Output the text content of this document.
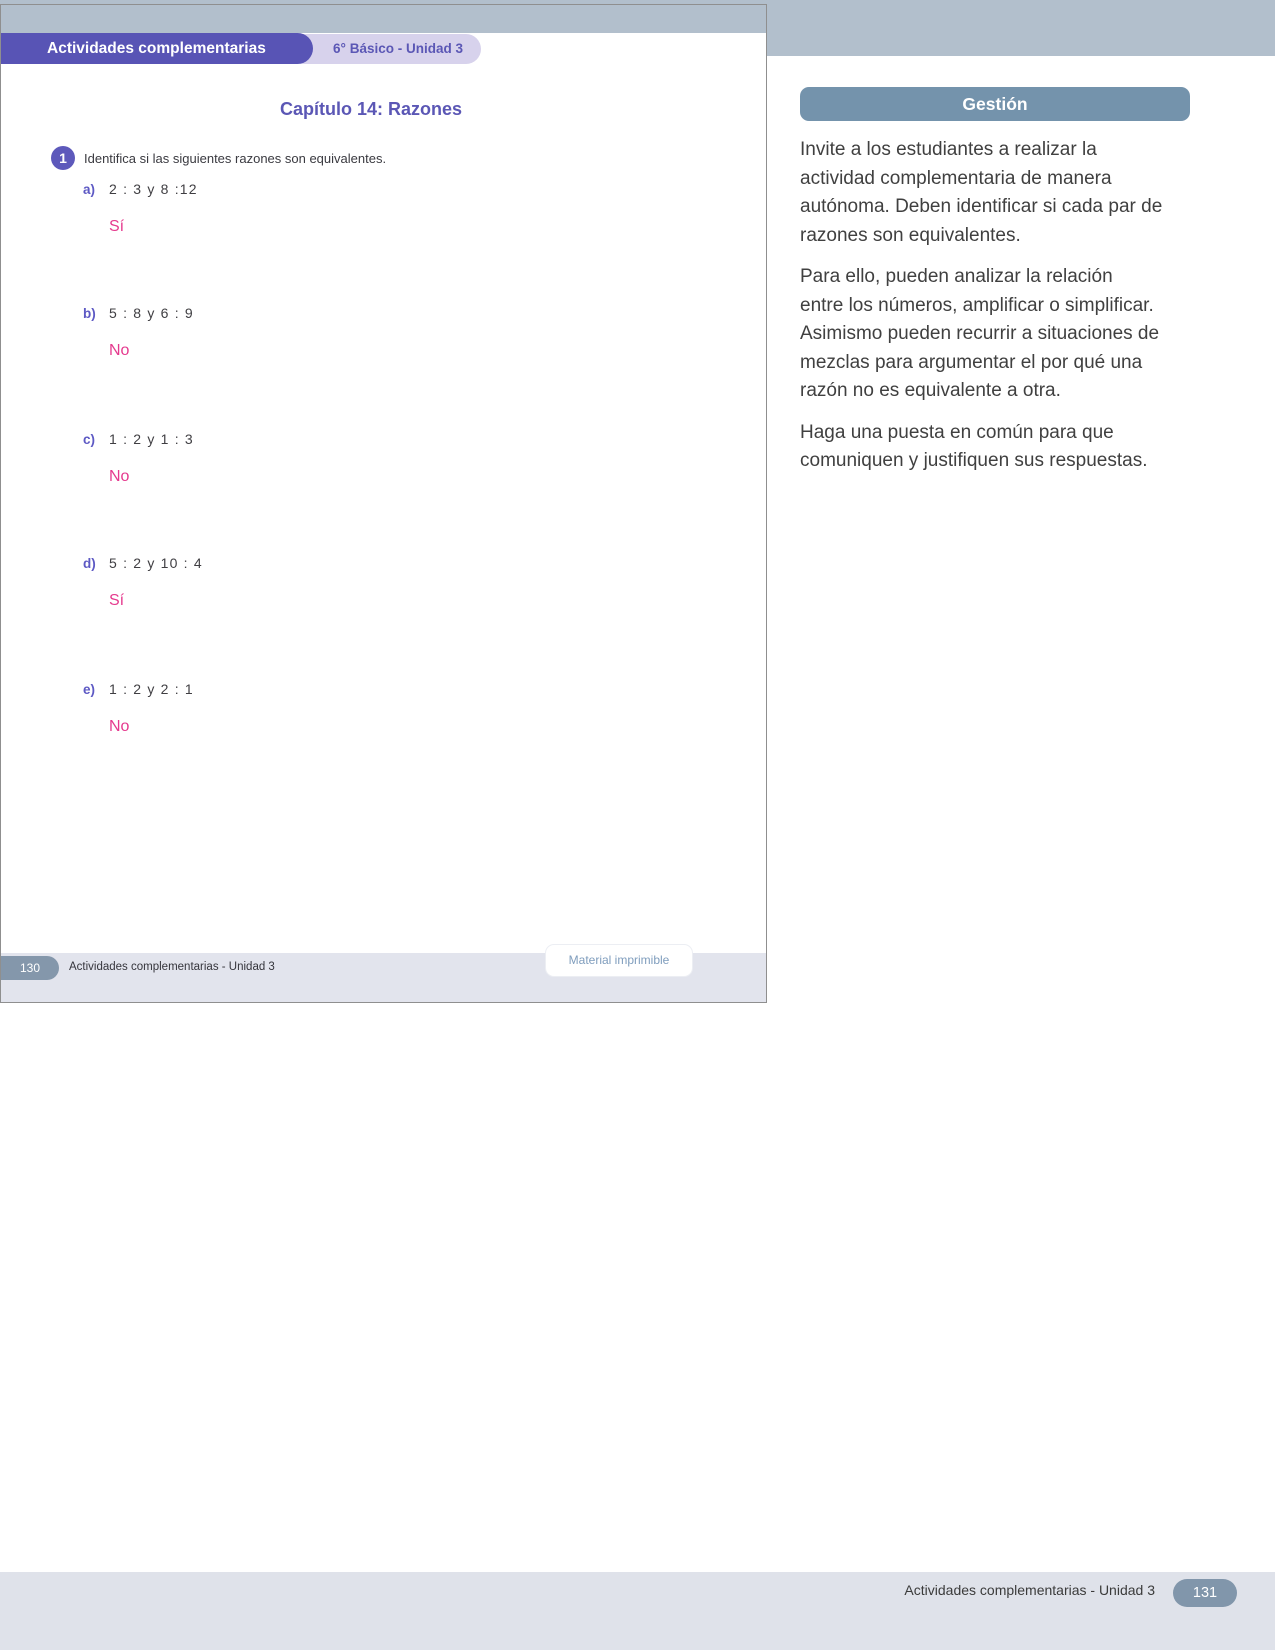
6° Básico - Unidad 3
Actividades complementarias
Capítulo 14: Razones
1	Identifica si las siguientes razones son equivalentes.
a) 2 : 3 y 8 :12
Sí
b) 5 : 8 y 6 : 9
No
c) 1 : 2 y 1 : 3
No
d) 5 : 2 y 10 : 4
Sí
e) 1 : 2 y 2 : 1
No
130	Actividades complementarias - Unidad 3	Material imprimible
Gestión
Invite a los estudiantes a realizar la
actividad complementaria de manera
autónoma. Deben identificar si cada par de
razones son equivalentes.
Para ello, pueden analizar la relación
entre los números, amplificar o simplificar.
Asimismo pueden recurrir a situaciones de
mezclas para argumentar el por qué una
razón no es equivalente a otra.
Haga una puesta en común para que
comuniquen y justifiquen sus respuestas.
Actividades complementarias - Unidad 3	131
